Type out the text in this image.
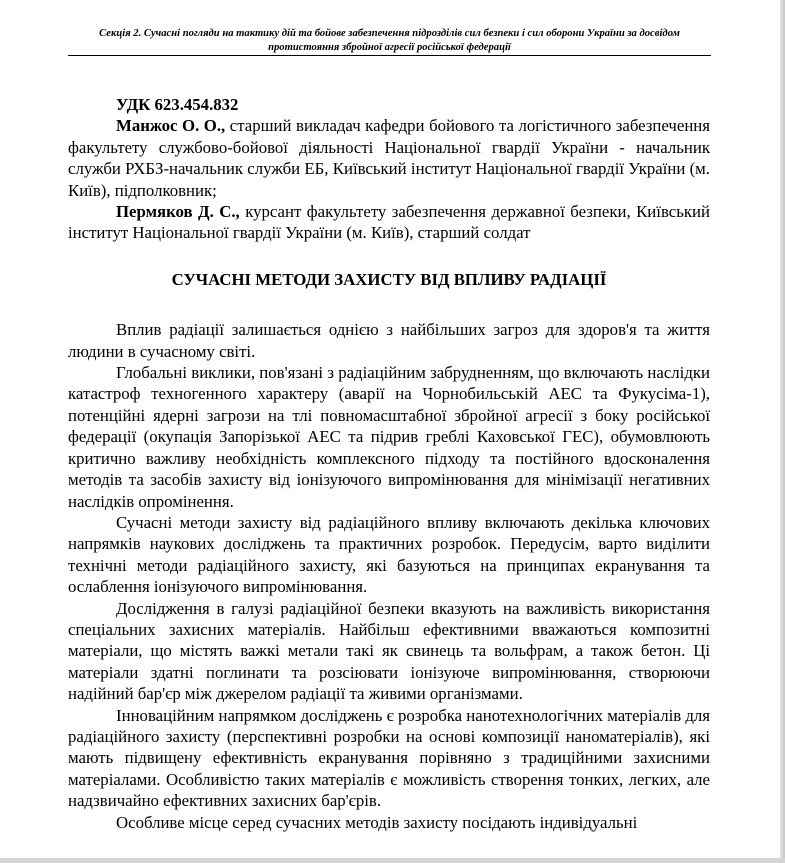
Секція 2. Сучасні погляди на тактику дій та бойове забезпечення підрозділів сил безпеки і сил оборони України за досвідом протистояння збройної агресії російської федерації

УДК 623.454.832

Манжос О. О., старший викладач кафедри бойового та логістичного забезпечення факультету службово-бойової діяльності Національної гвардії України - начальник служби РХБЗ-начальник служби ЕБ, Київський інститут Національної гвардії України (м. Київ), підполковник;

Пермяков Д. С., курсант факультету забезпечення державної безпеки, Київський інститут Національної гвардії України (м. Київ), старший солдат

СУЧАСНІ МЕТОДИ ЗАХИСТУ ВІД ВПЛИВУ РАДІАЦІЇ

Вплив радіації залишається однією з найбільших загроз для здоров'я та життя людини в сучасному світі.

Глобальні виклики, пов'язані з радіаційним забрудненням, що включають наслідки катастроф техногенного характеру (аварії на Чорнобильській АЕС та Фукусіма-1), потенційні ядерні загрози на тлі повномасштабної збройної агресії з боку російської федерації (окупація Запорізької АЕС та підрив греблі Каховської ГЕС), обумовлюють критично важливу необхідність комплексного підходу та постійного вдосконалення методів та засобів захисту від іонізуючого випромінювання для мінімізації негативних наслідків опромінення.

Сучасні методи захисту від радіаційного впливу включають декілька ключових напрямків наукових досліджень та практичних розробок. Передусім, варто виділити технічні методи радіаційного захисту, які базуються на принципах екранування та ослаблення іонізуючого випромінювання.

Дослідження в галузі радіаційної безпеки вказують на важливість використання спеціальних захисних матеріалів. Найбільш ефективними вважаються композитні матеріали, що містять важкі метали такі як свинець та вольфрам, а також бетон. Ці матеріали здатні поглинати та розсіювати іонізуюче випромінювання, створюючи надійний бар'єр між джерелом радіації та живими організмами.

Інноваційним напрямком досліджень є розробка нанотехнологічних матеріалів для радіаційного захисту (перспективні розробки на основі композиції наноматеріалів), які мають підвищену ефективність екранування порівняно з традиційними захисними матеріалами. Особливістю таких матеріалів є можливість створення тонких, легких, але надзвичайно ефективних захисних бар'єрів.

Особливе місце серед сучасних методів захисту посідають індивідуальні
